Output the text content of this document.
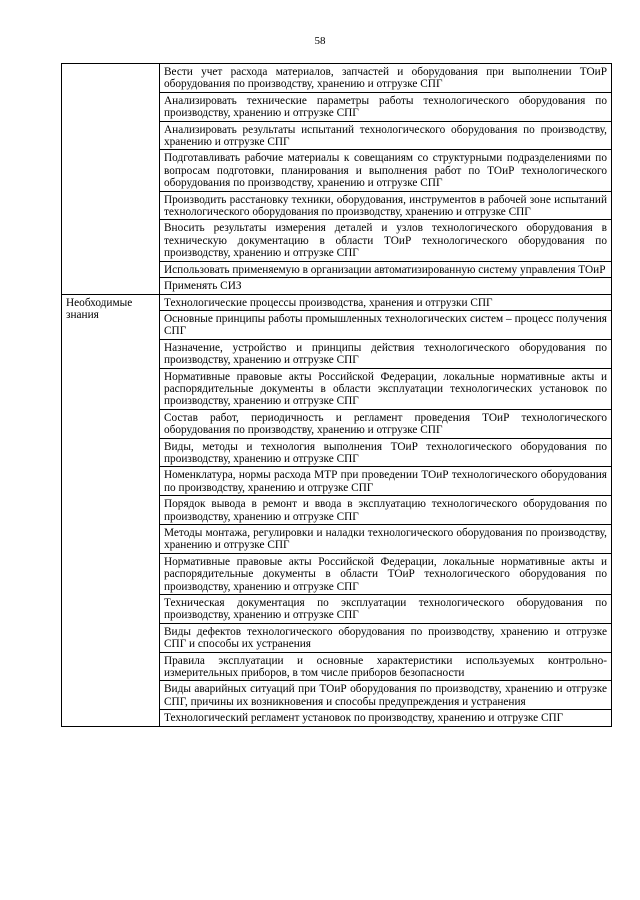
58
	Вести учет расхода материалов, запчастей и оборудования при выполнении ТОиР оборудования по производству, хранению и отгрузке СПГ
	Анализировать технические параметры работы технологического оборудования по производству, хранению и отгрузке СПГ
	Анализировать результаты испытаний технологического оборудования по производству, хранению и отгрузке СПГ
	Подготавливать рабочие материалы к совещаниям со структурными подразделениями по вопросам подготовки, планирования и выполнения работ по ТОиР технологического оборудования по производству, хранению и отгрузке СПГ
	Производить расстановку техники, оборудования, инструментов в рабочей зоне испытаний технологического оборудования по производству, хранению и отгрузке СПГ
	Вносить результаты измерения деталей и узлов технологического оборудования в техническую документацию в области ТОиР технологического оборудования по производству, хранению и отгрузке СПГ
	Использовать применяемую в организации автоматизированную систему управления ТОиР
	Применять СИЗ
Необходимые знания	Технологические процессы производства, хранения и отгрузки СПГ
	Основные принципы работы промышленных технологических систем – процесс получения СПГ
	Назначение, устройство и принципы действия технологического оборудования по производству, хранению и отгрузке СПГ
	Нормативные правовые акты Российской Федерации, локальные нормативные акты и распорядительные документы в области эксплуатации технологических установок по производству, хранению и отгрузке СПГ
	Состав работ, периодичность и регламент проведения ТОиР технологического оборудования по производству, хранению и отгрузке СПГ
	Виды, методы и технология выполнения ТОиР технологического оборудования по производству, хранению и отгрузке СПГ
	Номенклатура, нормы расхода МТР при проведении ТОиР технологического оборудования по производству, хранению и отгрузке СПГ
	Порядок вывода в ремонт и ввода в эксплуатацию технологического оборудования по производству, хранению и отгрузке СПГ
	Методы монтажа, регулировки и наладки технологического оборудования по производству, хранению и отгрузке СПГ
	Нормативные правовые акты Российской Федерации, локальные нормативные акты и распорядительные документы в области ТОиР технологического оборудования по производству, хранению и отгрузке СПГ
	Техническая документация по эксплуатации технологического оборудования по производству, хранению и отгрузке СПГ
	Виды дефектов технологического оборудования по производству, хранению и отгрузке СПГ и способы их устранения
	Правила эксплуатации и основные характеристики используемых контрольно-измерительных приборов, в том числе приборов безопасности
	Виды аварийных ситуаций при ТОиР оборудования по производству, хранению и отгрузке СПГ, причины их возникновения и способы предупреждения и устранения
	Технологический регламент установок по производству, хранению и отгрузке СПГ
